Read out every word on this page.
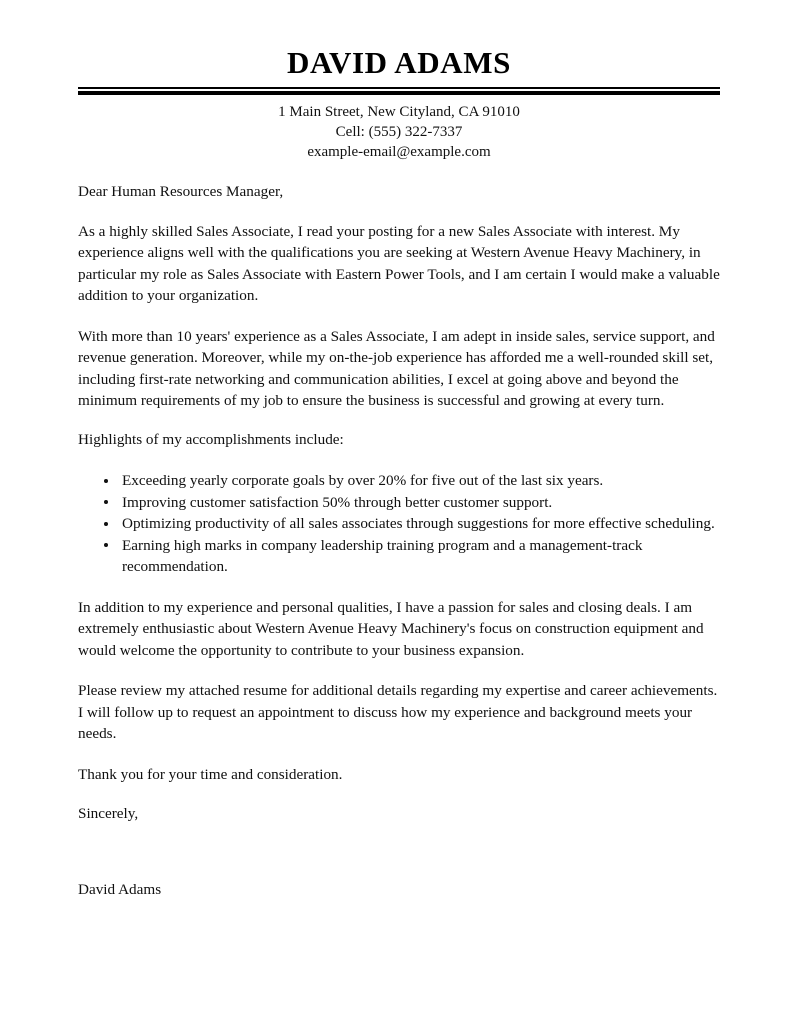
DAVID ADAMS
1 Main Street, New Cityland, CA 91010
Cell: (555) 322-7337
example-email@example.com

Dear Human Resources Manager,

As a highly skilled Sales Associate, I read your posting for a new Sales Associate with interest. My experience aligns well with the qualifications you are seeking at Western Avenue Heavy Machinery, in particular my role as Sales Associate with Eastern Power Tools, and I am certain I would make a valuable addition to your organization.

With more than 10 years' experience as a Sales Associate, I am adept in inside sales, service support, and revenue generation. Moreover, while my on-the-job experience has afforded me a well-rounded skill set, including first-rate networking and communication abilities, I excel at going above and beyond the minimum requirements of my job to ensure the business is successful and growing at every turn.

Highlights of my accomplishments include:

Exceeding yearly corporate goals by over 20% for five out of the last six years.
Improving customer satisfaction 50% through better customer support.
Optimizing productivity of all sales associates through suggestions for more effective scheduling.
Earning high marks in company leadership training program and a management-track recommendation.

In addition to my experience and personal qualities, I have a passion for sales and closing deals. I am extremely enthusiastic about Western Avenue Heavy Machinery's focus on construction equipment and would welcome the opportunity to contribute to your business expansion.

Please review my attached resume for additional details regarding my expertise and career achievements. I will follow up to request an appointment to discuss how my experience and background meets your needs.

Thank you for your time and consideration.

Sincerely,

David Adams
